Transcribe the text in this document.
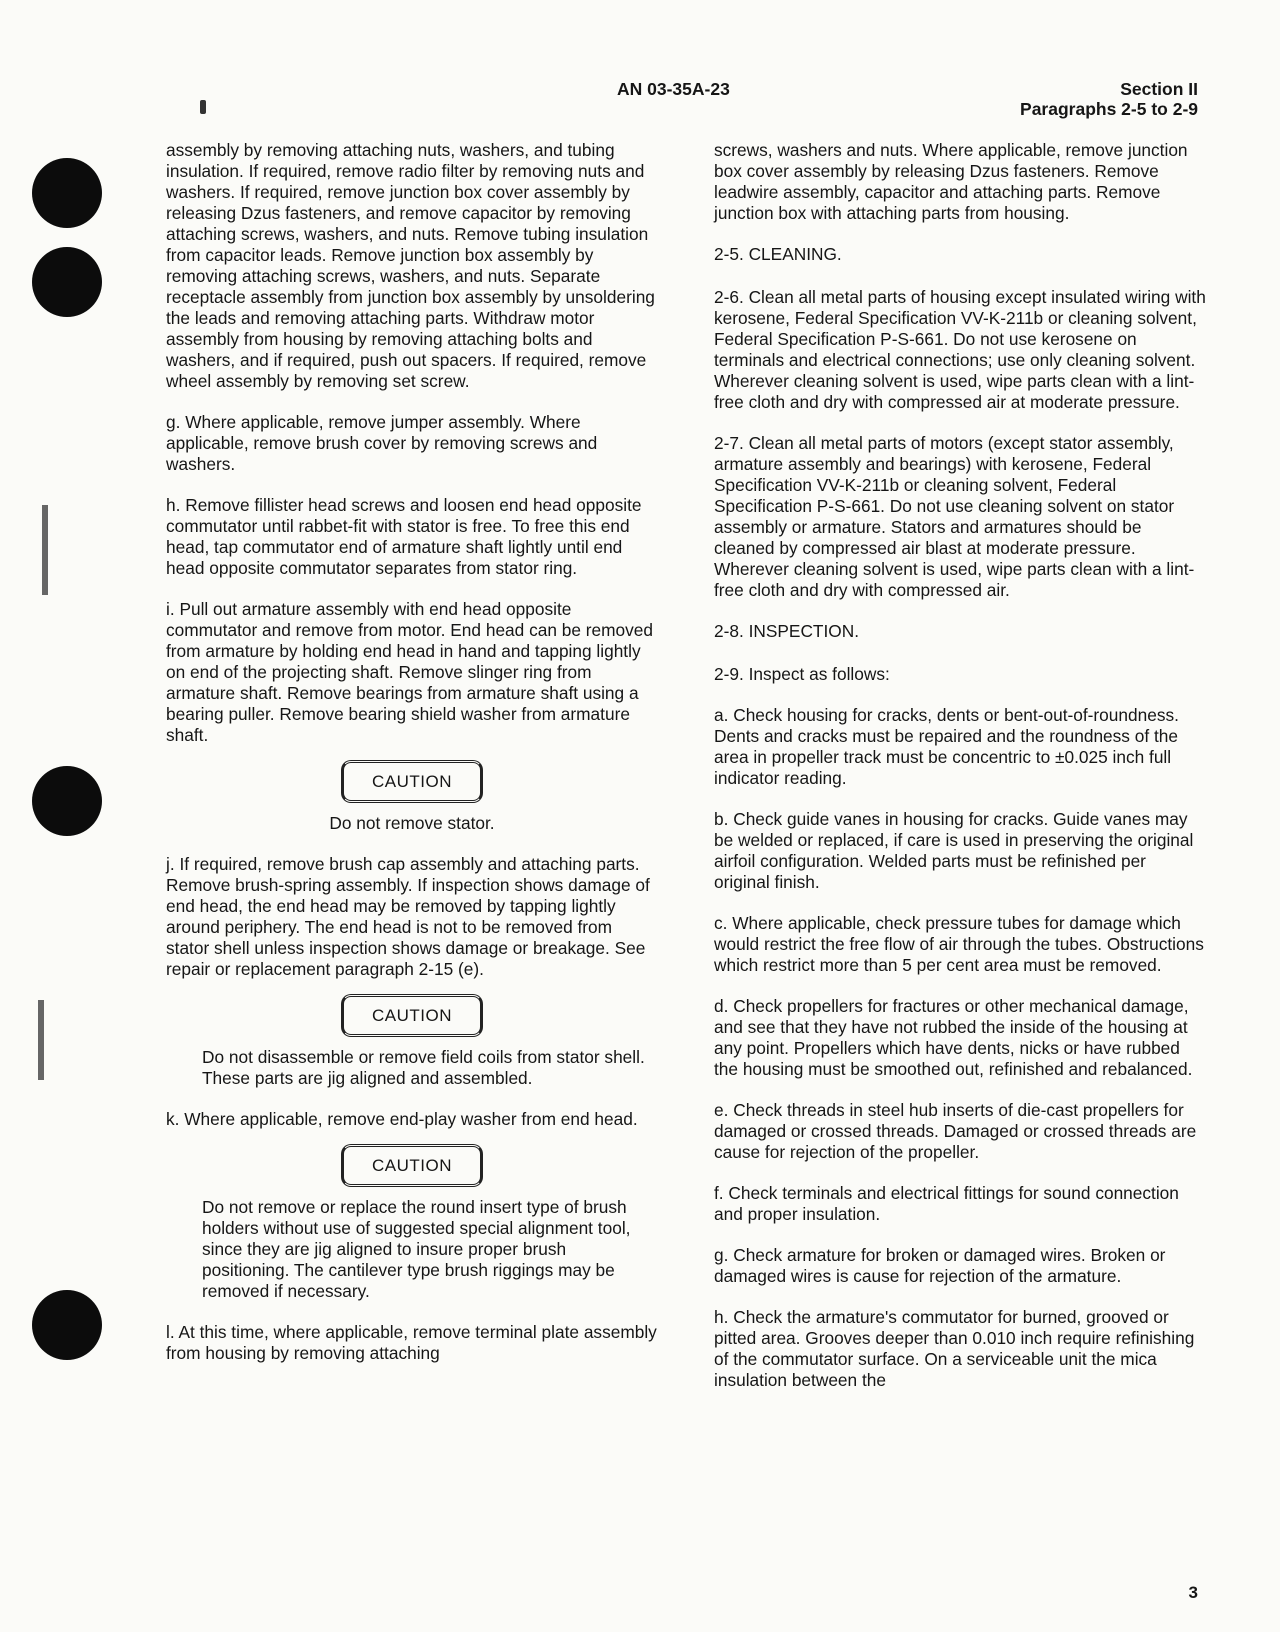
AN 03-35A-23	Section II
Paragraphs 2-5 to 2-9

assembly by removing attaching nuts, washers, and tubing insulation. If required, remove radio filter by removing nuts and washers. If required, remove junction box cover assembly by releasing Dzus fasteners, and remove capacitor by removing attaching screws, washers, and nuts. Remove tubing insulation from capacitor leads. Remove junction box assembly by removing attaching screws, washers, and nuts. Separate receptacle assembly from junction box assembly by unsoldering the leads and removing attaching parts. Withdraw motor assembly from housing by removing attaching bolts and washers, and if required, push out spacers. If required, remove wheel assembly by removing set screw.

g. Where applicable, remove jumper assembly. Where applicable, remove brush cover by removing screws and washers.

h. Remove fillister head screws and loosen end head opposite commutator until rabbet-fit with stator is free. To free this end head, tap commutator end of armature shaft lightly until end head opposite commutator separates from stator ring.

i. Pull out armature assembly with end head opposite commutator and remove from motor. End head can be removed from armature by holding end head in hand and tapping lightly on end of the projecting shaft. Remove slinger ring from armature shaft. Remove bearings from armature shaft using a bearing puller. Remove bearing shield washer from armature shaft.

CAUTION

Do not remove stator.

j. If required, remove brush cap assembly and attaching parts. Remove brush-spring assembly. If inspection shows damage of end head, the end head may be removed by tapping lightly around periphery. The end head is not to be removed from stator shell unless inspection shows damage or breakage. See repair or replacement paragraph 2-15 (e).

CAUTION

Do not disassemble or remove field coils from stator shell. These parts are jig aligned and assembled.

k. Where applicable, remove end-play washer from end head.

CAUTION

Do not remove or replace the round insert type of brush holders without use of suggested special alignment tool, since they are jig aligned to insure proper brush positioning. The cantilever type brush riggings may be removed if necessary.

l. At this time, where applicable, remove terminal plate assembly from housing by removing attaching

screws, washers and nuts. Where applicable, remove junction box cover assembly by releasing Dzus fasteners. Remove leadwire assembly, capacitor and attaching parts. Remove junction box with attaching parts from housing.

2-5. CLEANING.

2-6. Clean all metal parts of housing except insulated wiring with kerosene, Federal Specification VV-K-211b or cleaning solvent, Federal Specification P-S-661. Do not use kerosene on terminals and electrical connections; use only cleaning solvent. Wherever cleaning solvent is used, wipe parts clean with a lint-free cloth and dry with compressed air at moderate pressure.

2-7. Clean all metal parts of motors (except stator assembly, armature assembly and bearings) with kerosene, Federal Specification VV-K-211b or cleaning solvent, Federal Specification P-S-661. Do not use cleaning solvent on stator assembly or armature. Stators and armatures should be cleaned by compressed air blast at moderate pressure. Wherever cleaning solvent is used, wipe parts clean with a lint-free cloth and dry with compressed air.

2-8. INSPECTION.

2-9. Inspect as follows:

a. Check housing for cracks, dents or bent-out-of-roundness. Dents and cracks must be repaired and the roundness of the area in propeller track must be concentric to ±0.025 inch full indicator reading.

b. Check guide vanes in housing for cracks. Guide vanes may be welded or replaced, if care is used in preserving the original airfoil configuration. Welded parts must be refinished per original finish.

c. Where applicable, check pressure tubes for damage which would restrict the free flow of air through the tubes. Obstructions which restrict more than 5 per cent area must be removed.

d. Check propellers for fractures or other mechanical damage, and see that they have not rubbed the inside of the housing at any point. Propellers which have dents, nicks or have rubbed the housing must be smoothed out, refinished and rebalanced.

e. Check threads in steel hub inserts of die-cast propellers for damaged or crossed threads. Damaged or crossed threads are cause for rejection of the propeller.

f. Check terminals and electrical fittings for sound connection and proper insulation.

g. Check armature for broken or damaged wires. Broken or damaged wires is cause for rejection of the armature.

h. Check the armature's commutator for burned, grooved or pitted area. Grooves deeper than 0.010 inch require refinishing of the commutator surface. On a serviceable unit the mica insulation between the

3
